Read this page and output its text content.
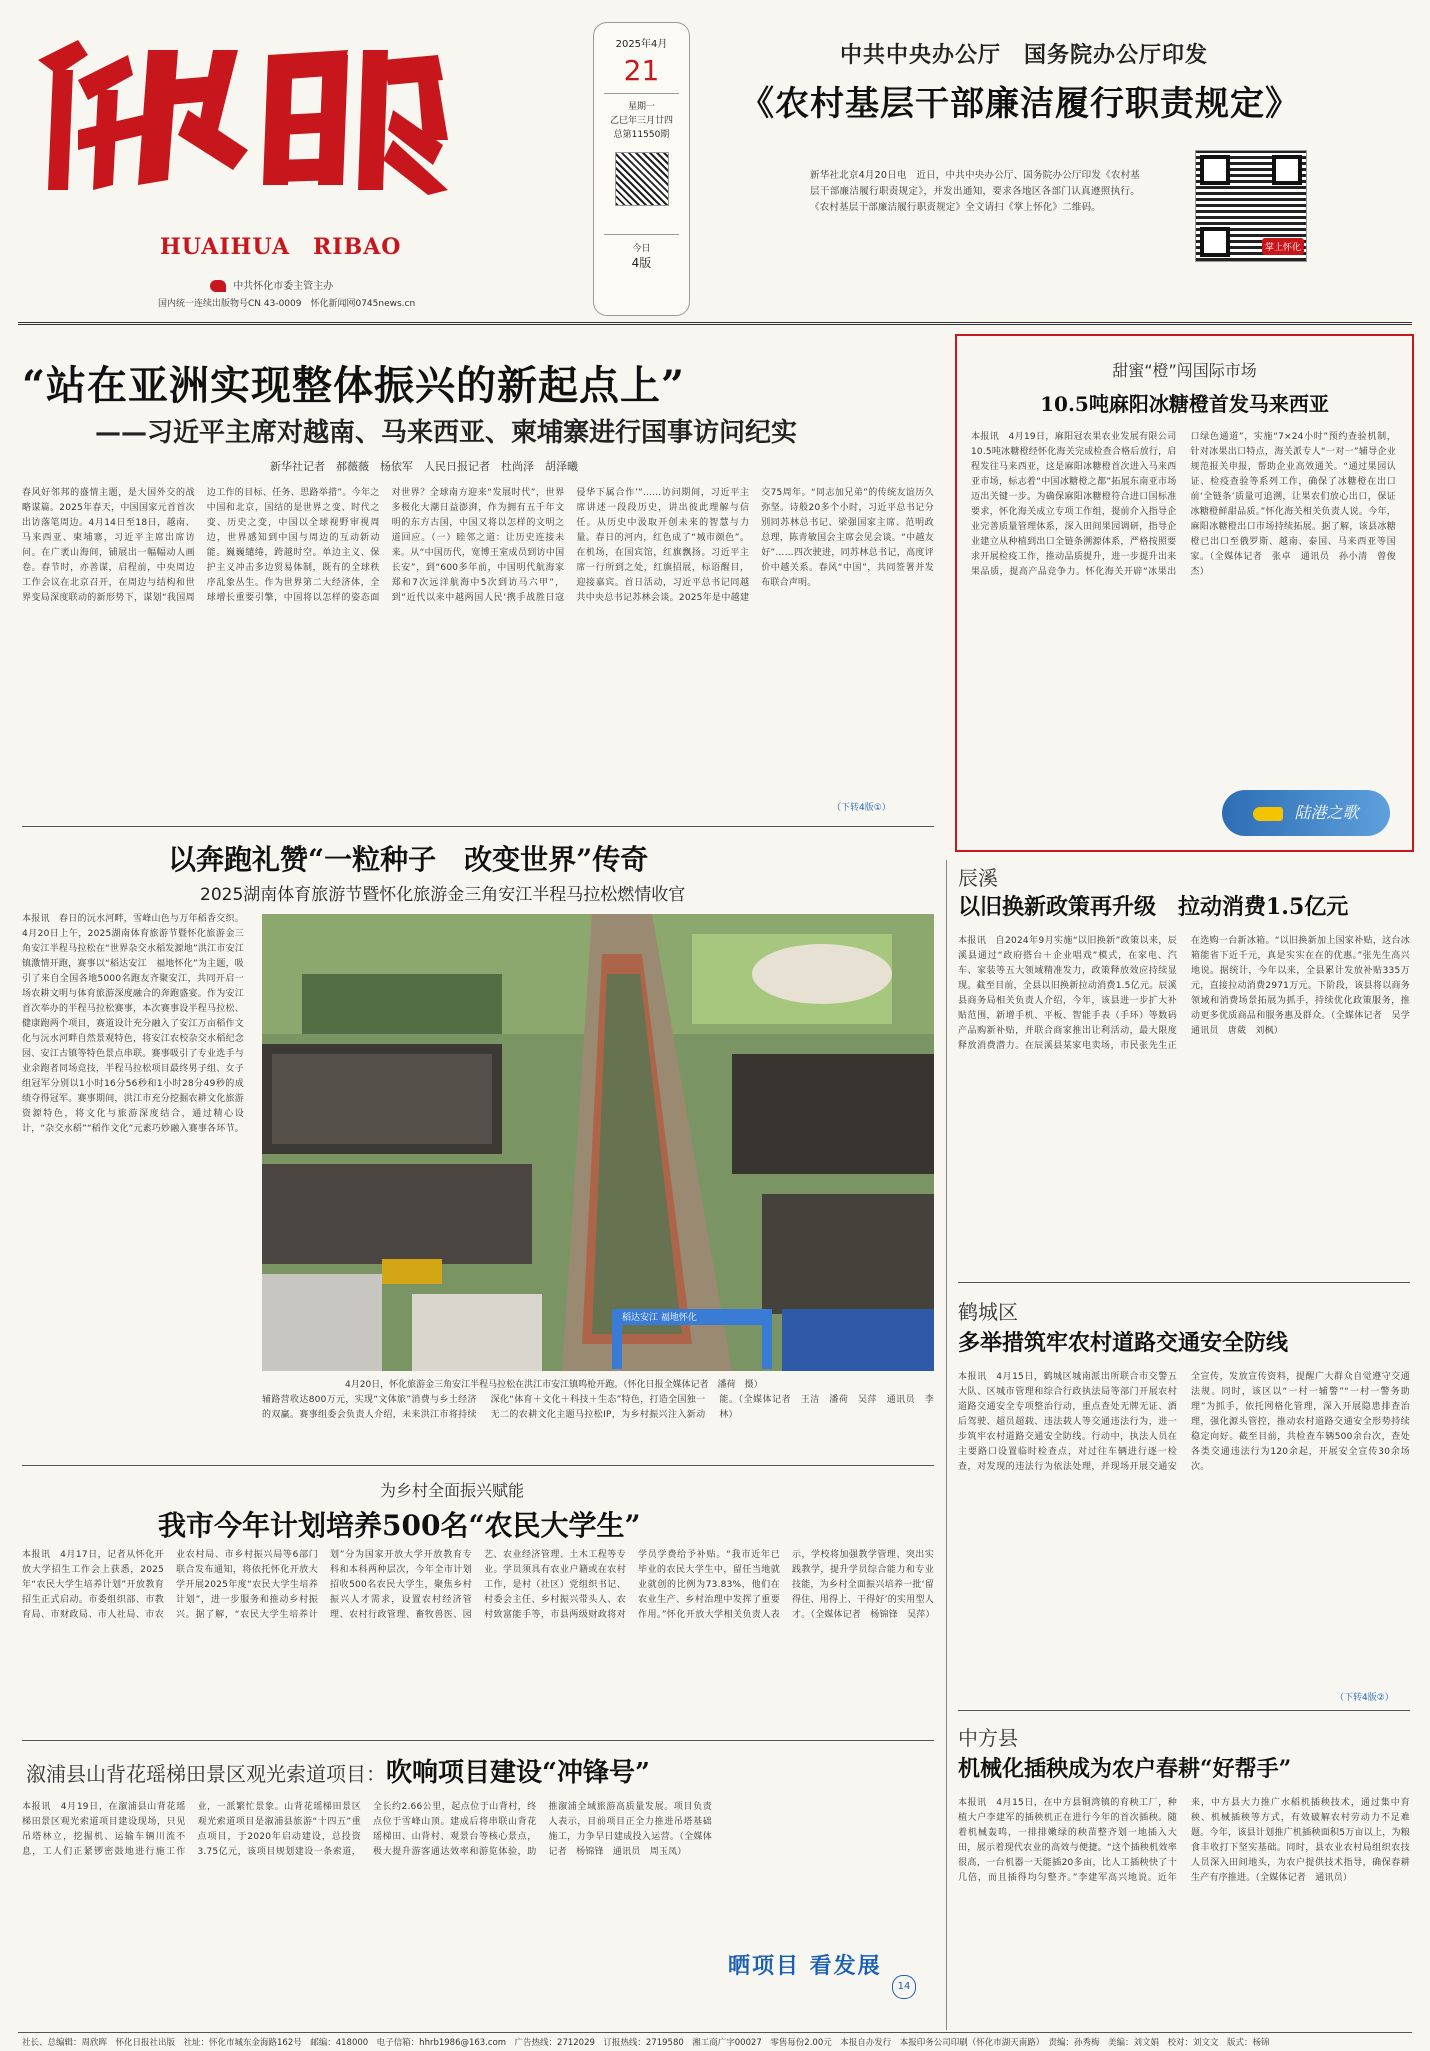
HUAIHUA　RIBAO
中共怀化市委主管主办
国内统一连续出版物号CN 43-0009　怀化新闻网0745news.cn
2025年4月
21
星期一
乙巳年三月廿四
总第11550期
今日
4版
中共中央办公厅　国务院办公厅印发
《农村基层干部廉洁履行职责规定》
新华社北京4月20日电　近日，中共中央办公厅、国务院办公厅印发《农村基层干部廉洁履行职责规定》，并发出通知，要求各地区各部门认真遵照执行。《农村基层干部廉洁履行职责规定》全文请扫《掌上怀化》二维码。
掌上怀化
“站在亚洲实现整体振兴的新起点上”
——习近平主席对越南、马来西亚、柬埔寨进行国事访问纪实
新华社记者　郝薇薇　杨依军　人民日报记者　杜尚泽　胡泽曦
春风好邻邦的盛情主题，是大国外交的战略谋篇。2025年春天，中国国家元首首次出访落笔周边。4月14日至18日，越南、马来西亚、柬埔寨，习近平主席出席访问。在广袤山海间，铺展出一幅幅动人画卷。春节时，亦善谋，启程前，中央周边工作会议在北京召开，在周边与结构和世界变局深度联动的新形势下，谋划“我国周边工作的目标、任务、思路举措”。今年之中国和北京，国结的是世界之变、时代之变、历史之变，中国以全球视野审视周边，世界感知到中国与周边的互动新动能。巍巍缱绻，跨越时空。单边主义、保护主义冲击多边贸易体制，既有的全球秩序乱象丛生。作为世界第二大经济体，全球增长重要引擎，中国将以怎样的姿态面对世界？全球南方迎来“发展时代”，世界多极化大潮日益澎湃，作为拥有五千年文明的东方古国，中国又将以怎样的文明之道回应。（一）睦邻之道：让历史连接未来。从“中国历代，宽博王室成员到访中国长安”，到“600多年前，中国明代航海家郑和7次远洋航海中5次到访马六甲”，到“近代以来中越两国人民‘携手战胜日寇侵华下属合作’”……访问期间，习近平主席讲述一段段历史，讲出彼此理解与信任。从历史中汲取开创未来的智慧与力量。春日的河内，红色成了“城市颜色”。在机场，在国宾馆，红旗飘扬。习近平主席一行所到之处，红旗招展，标语醒目，迎接嘉宾。首日活动，习近平总书记同越共中央总书记苏林会谈。2025年是中越建交75周年。“同志加兄弟”的传统友谊历久弥坚。诗般20多个小时，习近平总书记分别同苏林总书记、梁强国家主席、范明政总理，陈青敏国会主席会见会谈。“中越友好”……四次驶进，同苏林总书记，高度评价中越关系。春风“中国”，共同签署并发布联合声明。
（下转4版①）
甜蜜“橙”闯国际市场
10.5吨麻阳冰糖橙首发马来西亚
本报讯　4月19日，麻阳冠农果农业发展有限公司10.5吨冰糖橙经怀化海关完成检查合格后放行，启程发往马来西亚，这是麻阳冰糖橙首次进入马来西亚市场，标志着“中国冰糖橙之都”拓展东南亚市场迈出关键一步。为确保麻阳冰糖橙符合进口国标准要求，怀化海关成立专项工作组，提前介入指导企业完善质量管理体系，深入田间果园调研，指导企业建立从种植到出口全链条溯源体系，严格按照要求开展检疫工作，推动品质提升，进一步提升出来果品质，提高产品竞争力。怀化海关开辟“冰果出口绿色通道”，实施“7×24小时”预约查验机制，针对冰果出口特点，海关派专人“一对一”辅导企业规范报关申报，帮助企业高效通关。“通过果园认证、检疫查验等系列工作，确保了冰糖橙在出口前‘全链条’质量可追溯，让果农们放心出口，保证冰糖橙鲜甜品质。”怀化海关相关负责人说。今年，麻阳冰糖橙出口市场持续拓展。据了解，该县冰糖橙已出口至俄罗斯、越南、泰国、马来西亚等国家。（全媒体记者　张卓　通讯员　孙小清　曾俊杰）
陆港之歌
以奔跑礼赞“一粒种子　改变世界”传奇
2025湖南体育旅游节暨怀化旅游金三角安江半程马拉松燃情收官
本报讯　春日的沅水河畔，雪峰山色与万年稻香交织。4月20日上午，2025湖南体育旅游节暨怀化旅游金三角安江半程马拉松在“世界杂交水稻发源地”洪江市安江镇激情开跑，赛事以“稻达安江　福地怀化”为主题，吸引了来自全国各地5000名跑友齐聚安江，共同开启一场农耕文明与体育旅游深度融合的奔跑盛宴。作为安江首次举办的半程马拉松赛事，本次赛事设半程马拉松、健康跑两个项目，赛道设计充分融入了安江万亩稻作文化与沅水河畔自然景观特色，将安江农校杂交水稻纪念园、安江古镇等特色景点串联。赛事吸引了专业选手与业余跑者同场竞技，半程马拉松项目最终男子组、女子组冠军分别以1小时16分56秒和1小时28分49秒的成绩夺得冠军。赛事期间，洪江市充分挖掘农耕文化旅游资源特色，将文化与旅游深度结合，通过精心设计，“杂交水稻”“稻作文化”元素巧妙融入赛事各环节。
稻达安江 福地怀化
4月20日，怀化旅游金三角安江半程马拉松在洪江市安江镇鸣枪开跑。（怀化日报全媒体记者　潘荷　摄）
辅路营收达800万元，实现“文体旅”消费与乡土经济的双赢。赛事组委会负责人介绍，未来洪江市将持续深化“体育＋文化＋科技＋生态”特色，打造全国独一无二的农耕文化主题马拉松IP，为乡村振兴注入新动能。（全媒体记者　王洁　潘荷　吴萍　通讯员　李林）
为乡村全面振兴赋能
我市今年计划培养500名“农民大学生”
本报讯　4月17日，记者从怀化开放大学招生工作会上获悉，2025年“农民大学生培养计划”开放教育招生正式启动。市委组织部、市教育局、市财政局、市人社局、市农业农村局、市乡村振兴局等6部门联合发布通知，将依托怀化开放大学开展2025年度“农民大学生培养计划”，进一步服务和推动乡村振兴。据了解，“农民大学生培养计划”分为国家开放大学开放教育专科和本科两种层次，今年全市计划招收500名农民大学生，聚焦乡村振兴人才需求，设置农村经济管理、农村行政管理、畜牧兽医、园艺、农业经济管理、土木工程等专业。学员须具有农业户籍或在农村工作，是村（社区）党组织书记、村委会主任、乡村振兴带头人、农村致富能手等，市县两级财政将对学员学费给予补贴。“我市近年已毕业的农民大学生中，留任当地就业就创的比例为73.83%，他们在农业生产、乡村治理中发挥了重要作用。”怀化开放大学相关负责人表示，学校将加强教学管理、突出实践教学，提升学员综合能力和专业技能，为乡村全面振兴培养一批‘留得住、用得上、干得好’的实用型人才。（全媒体记者　杨锦锋　吴萍）
溆浦县山背花瑶梯田景区观光索道项目：吹响项目建设“冲锋号”
本报讯　4月19日，在溆浦县山背花瑶梯田景区观光索道项目建设现场，只见吊塔林立，挖掘机、运输车辆川流不息，工人们正紧锣密鼓地进行施工作业，一派繁忙景象。山背花瑶梯田景区观光索道项目是溆浦县旅游“十四五”重点项目，于2020年启动建设，总投资3.75亿元，该项目规划建设一条索道，全长约2.66公里，起点位于山背村，终点位于雪峰山顶。建成后将串联山背花瑶梯田、山背村、观景台等核心景点，极大提升游客通达效率和游览体验，助推溆浦全域旅游高质量发展。项目负责人表示，目前项目正全力推进吊塔基础施工，力争早日建成投入运营。（全媒体记者　杨锦锋　通讯员　周玉凤）
晒项目 看发展
14
辰溪
以旧换新政策再升级　拉动消费1.5亿元
本报讯　自2024年9月实施“以旧换新”政策以来，辰溪县通过“政府搭台＋企业唱戏”模式，在家电、汽车、家装等五大领域精准发力，政策释放效应持续显现。截至目前，全县以旧换新拉动消费1.5亿元。辰溪县商务局相关负责人介绍，今年，该县进一步扩大补贴范围，新增手机、平板、智能手表（手环）等数码产品购新补贴，并联合商家推出让利活动，最大限度释放消费潜力。在辰溪县某家电卖场，市民张先生正在选购一台新冰箱。“以旧换新加上国家补贴，这台冰箱能省下近千元，真是实实在在的优惠。”张先生高兴地说。据统计，今年以来，全县累计发放补贴335万元，直接拉动消费2971万元。下阶段，该县将以商务领域和消费场景拓展为抓手，持续优化政策服务，推动更多优质商品和服务惠及群众。（全媒体记者　吴学　通讯员　唐葳　刘枫）
鹤城区
多举措筑牢农村道路交通安全防线
本报讯　4月15日，鹤城区城南派出所联合市交警五大队、区城市管理和综合行政执法局等部门开展农村道路交通安全专项整治行动，重点查处无牌无证、酒后驾驶、超员超载、违法载人等交通违法行为，进一步筑牢农村道路交通安全防线。行动中，执法人员在主要路口设置临时检查点，对过往车辆进行逐一检查，对发现的违法行为依法处理，并现场开展交通安全宣传，发放宣传资料，提醒广大群众自觉遵守交通法规。同时，该区以“一村一辅警”“一村一警务助理”为抓手，依托网格化管理，深入开展隐患排查治理，强化源头管控，推动农村道路交通安全形势持续稳定向好。截至目前，共检查车辆500余台次，查处各类交通违法行为120余起，开展安全宣传30余场次。
（下转4版②）
中方县
机械化插秧成为农户春耕“好帮手”
本报讯　4月15日，在中方县铜湾镇的育秧工厂，种植大户李建军的插秧机正在进行今年的首次插秧。随着机械轰鸣，一排排嫩绿的秧苗整齐划一地插入大田，展示着现代农业的高效与便捷。“这个插秧机效率很高，一台机器一天能插20多亩，比人工插秧快了十几倍，而且插得均匀整齐。”李建军高兴地说。近年来，中方县大力推广水稻机插秧技术，通过集中育秧、机械插秧等方式，有效破解农村劳动力不足难题。今年，该县计划推广机插秧面积5万亩以上，为粮食丰收打下坚实基础。同时，县农业农村局组织农技人员深入田间地头，为农户提供技术指导，确保春耕生产有序推进。（全媒体记者　通讯员）
社长、总编辑：周欣晖　怀化日报社出版　社址：怀化市城东金海路162号　邮编：418000　电子信箱：hhrb1986@163.com　广告热线：2712029　订报热线：2719580　湘工商广字00027　零售每份2.00元　本报自办发行　本报印务公司印刷（怀化市湖天南路）　责编：孙秀梅　美编：刘文娟　校对：刘文文　版式：杨锦
